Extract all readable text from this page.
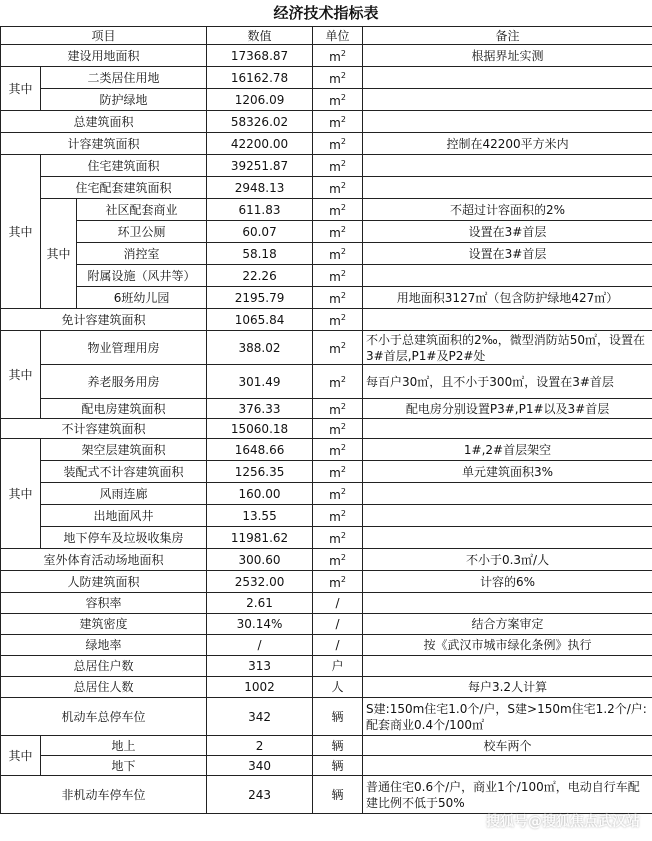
经济技术指标表
项目			数值	单位	备注
建设用地面积			17368.87	$m^2$	根据界址实测
其中	二类居住用地		16162.78	$m^2$	
	防护绿地		1206.09	$m^2$	
总建筑面积			58326.02	$m^2$	
计容建筑面积			42200.00	$m^2$	控制在42200平方米内
其中	住宅建筑面积		39251.87	$m^2$	
	住宅配套建筑面积		2948.13	$m^2$	
	其中	社区配套商业	611.83	$m^2$	不超过计容面积的2%
		环卫公厕	60.07	$m^2$	设置在3#首层
		消控室	58.18	$m^2$	设置在3#首层
		附属设施（风井等）	22.26	$m^2$	
		6班幼儿园	2195.79	$m^2$	用地面积3127㎡（包含防护绿地427㎡）
免计容建筑面积			1065.84	$m^2$	
其中	物业管理用房		388.02	$m^2$	不小于总建筑面积的2‰，微型消防站50㎡，设置在3#首层,P1#及P2#处
	养老服务用房		301.49	$m^2$	每百户30㎡，且不小于300㎡，设置在3#首层
	配电房建筑面积		376.33	$m^2$	配电房分别设置P3#,P1#以及3#首层
不计容建筑面积			15060.18	$m^2$	
其中	架空层建筑面积		1648.66	$m^2$	1#,2#首层架空
	装配式不计容建筑面积		1256.35	$m^2$	单元建筑面积3%
	风雨连廊		160.00	$m^2$	
	出地面风井		13.55	$m^2$	
	地下停车及垃圾收集房		11981.62	$m^2$	
室外体育活动场地面积			300.60	$m^2$	不小于0.3㎡/人
人防建筑面积			2532.00	$m^2$	计容的6%
容积率			2.61	/	
建筑密度			30.14%	/	结合方案审定
绿地率			/	/	按《武汉市城市绿化条例》执行
总居住户数			313	户	
总居住人数			1002	人	每户3.2人计算
机动车总停车位			342	辆	S建:150m住宅1.0个/户，S建>150m住宅1.2个/户:配套商业0.4个/100㎡
其中	地上		2	辆	校车两个
	地下		340	辆	
非机动车停车位			243	辆	普通住宅0.6个/户，商业1个/100㎡，电动自行车配建比例不低于50%
搜狐号@搜狐焦点武汉站
